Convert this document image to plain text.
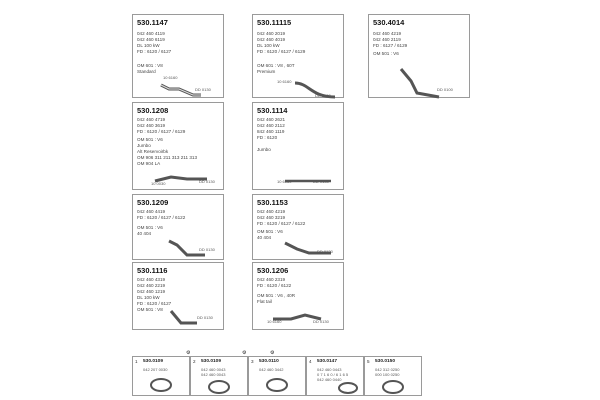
530.1147
042 460 4119
042 460 6119
DL 100 kW
FD : 6120 / 6127
OM 601 : V8
Standard
10 6160
DD 0130
530.11115
042 460 2019
042 460 4019
DL 100 kW
FD : 6120 / 6127 / 6129
OM 601 : V8 , 60T
Premium
10 6160
DD 0130
530.4014
042 460 4219
042 460 2119
FD : 6127 / 6129
OM 501 : V6
DD 0100
530.1208
042 460 4719
042 460 3619
FD : 6120 / 6127 / 6129
OM 501 : V6
Jumbo
Alt Reservoirbk
OM 906 311 211 313 211 313
OM 904 LA
10 0030	DD 0130
530.1114
042 460 2621
042 460 2112
842 460 1119
FD : 6120
Jumbo
10 6160	DD 0130
530.1209
042 460 4419
FD : 6120 / 6127 / 6122
OM 501 : V6
40 404
DD 0130
530.1153
042 460 4219
042 460 3219
FD : 6120 / 6127 / 6122
OM 501 : V6
40 404
DD 0130
530.1116
042 460 4319
042 460 2219
042 460 1219
DL 100 kW
FD : 6120 / 6127
OM 501 : V8
DD 0130
530.1206
042 460 2319
FD : 6120 / 6122
OM 501 : V6 , 40R
Flat tail
10 6160	DD 0130
⚙	⚙	⚙
1 530.0109
042 207 0030
2 530.0109
042 460 0043
042 460 0043
3 530.0110
042 460 3442
4 530.0147
042 460 0443
0 7 1 6 0 / 6 1 6 5
042 460 0440
5 530.0150
042 312 0250
000 100 0250
